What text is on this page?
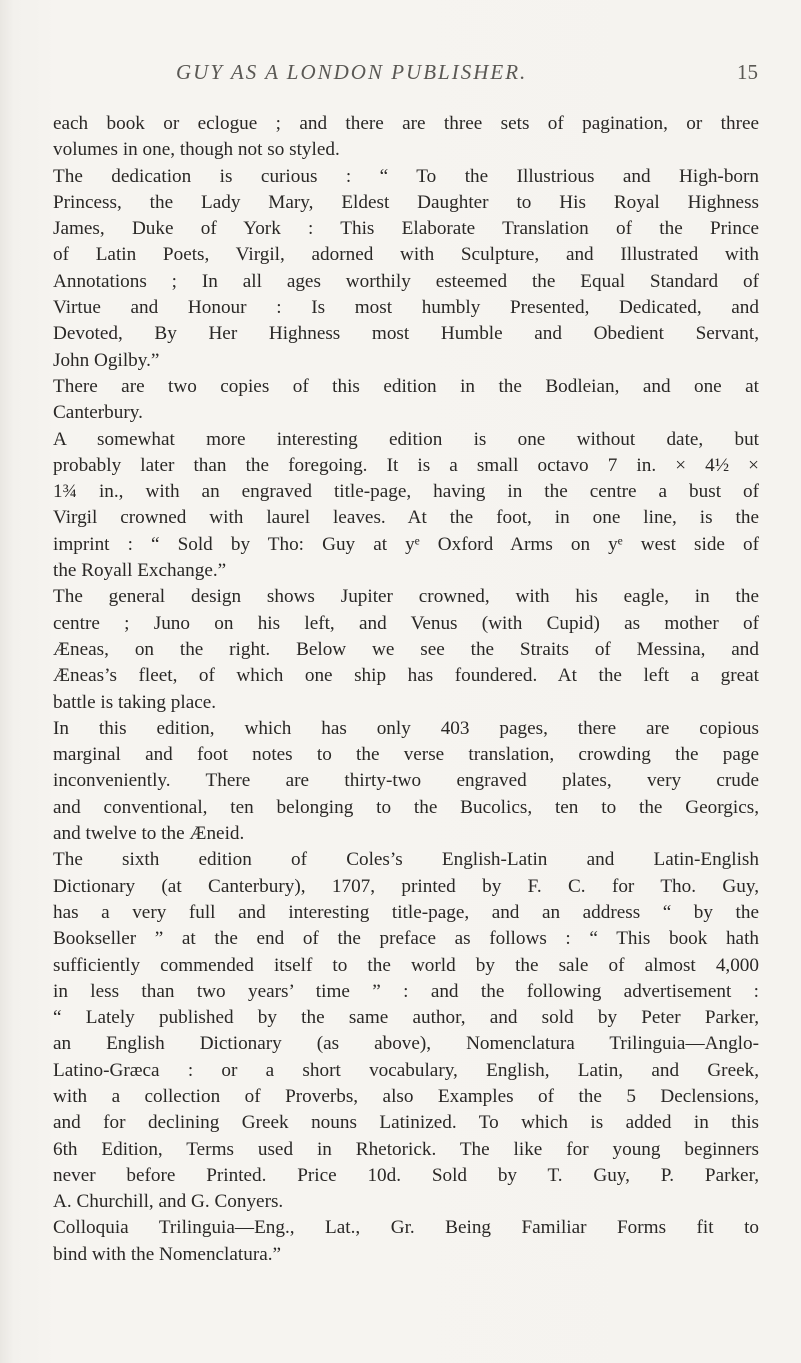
GUY AS A LONDON PUBLISHER.	15
each book or eclogue ; and there are three sets of pagination, or three
volumes in one, though not so styled.
The dedication is curious : “ To the Illustrious and High-born
Princess, the Lady Mary, Eldest Daughter to His Royal Highness
James, Duke of York : This Elaborate Translation of the Prince
of Latin Poets, Virgil, adorned with Sculpture, and Illustrated with
Annotations ; In all ages worthily esteemed the Equal Standard of
Virtue and Honour : Is most humbly Presented, Dedicated, and
Devoted, By Her Highness most Humble and Obedient Servant,
John Ogilby.”
There are two copies of this edition in the Bodleian, and one at
Canterbury.
A somewhat more interesting edition is one without date, but
probably later than the foregoing. It is a small octavo 7 in. × 4½ ×
1¾ in., with an engraved title-page, having in the centre a bust of
Virgil crowned with laurel leaves. At the foot, in one line, is the
imprint : “ Sold by Tho: Guy at yᵉ Oxford Arms on yᵉ west side of
the Royall Exchange.”
The general design shows Jupiter crowned, with his eagle, in the
centre ; Juno on his left, and Venus (with Cupid) as mother of
Æneas, on the right. Below we see the Straits of Messina, and
Æneas’s fleet, of which one ship has foundered. At the left a great
battle is taking place.
In this edition, which has only 403 pages, there are copious
marginal and foot notes to the verse translation, crowding the page
inconveniently. There are thirty-two engraved plates, very crude
and conventional, ten belonging to the Bucolics, ten to the Georgics,
and twelve to the Æneid.
The sixth edition of Coles’s English-Latin and Latin-English
Dictionary (at Canterbury), 1707, printed by F. C. for Tho. Guy,
has a very full and interesting title-page, and an address “ by the
Bookseller ” at the end of the preface as follows : “ This book hath
sufficiently commended itself to the world by the sale of almost 4,000
in less than two years’ time ” : and the following advertisement :
“ Lately published by the same author, and sold by Peter Parker,
an English Dictionary (as above), Nomenclatura Trilinguia—Anglo-
Latino-Græca : or a short vocabulary, English, Latin, and Greek,
with a collection of Proverbs, also Examples of the 5 Declensions,
and for declining Greek nouns Latinized. To which is added in this
6th Edition, Terms used in Rhetorick. The like for young beginners
never before Printed. Price 10d. Sold by T. Guy, P. Parker,
A. Churchill, and G. Conyers.
Colloquia Trilinguia—Eng., Lat., Gr. Being Familiar Forms fit to
bind with the Nomenclatura.”
